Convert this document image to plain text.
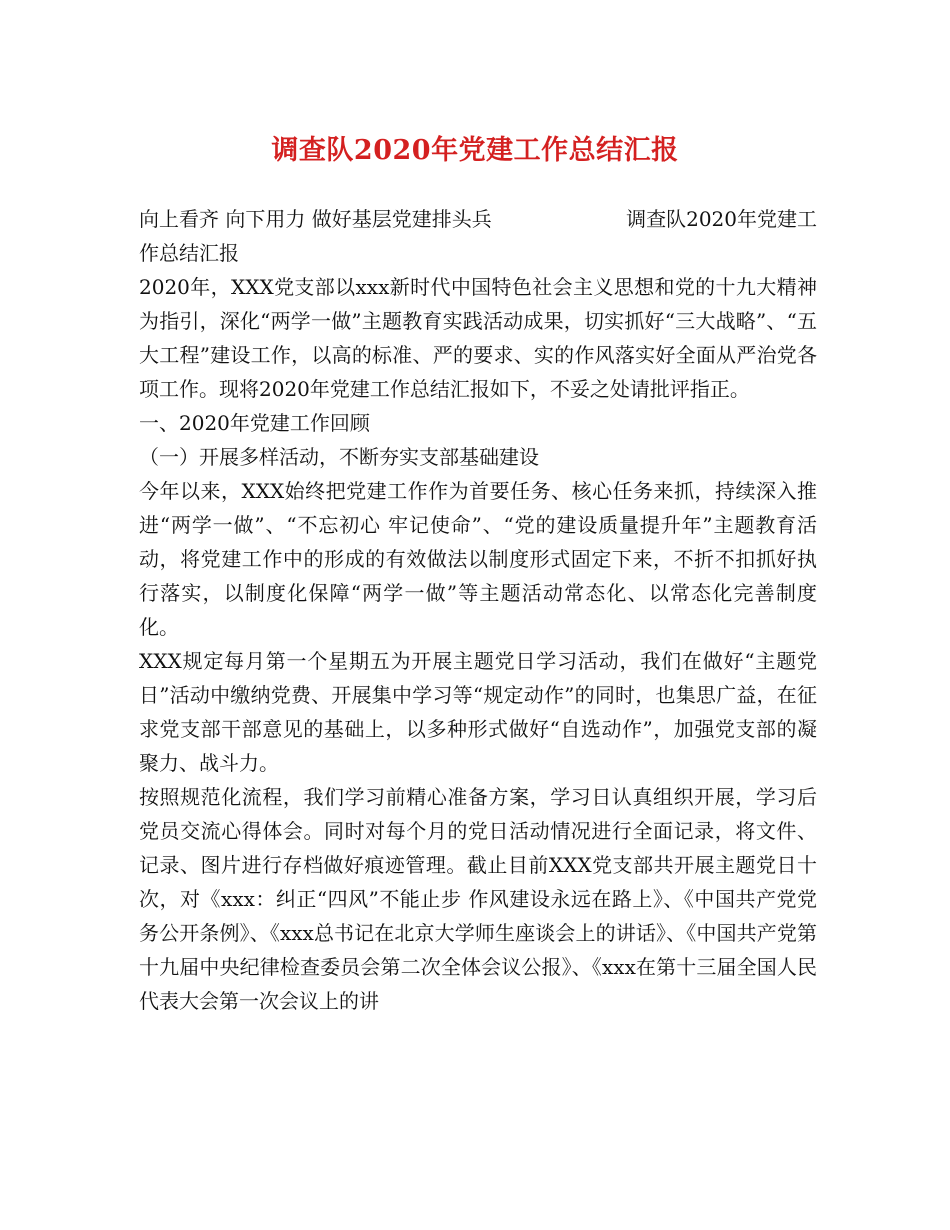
调查队2020年党建工作总结汇报
向上看齐 向下用力 做好基层党建排头兵	调查队2020年党建工

作总结汇报

2020年，XXX党支部以xxx新时代中国特色社会主义思想和党的十九大精神为指引，深化“两学一做”主题教育实践活动成果，切实抓好“三大战略”、“五大工程”建设工作，以高的标准、严的要求、实的作风落实好全面从严治党各项工作。现将2020年党建工作总结汇报如下，不妥之处请批评指正。

一、2020年党建工作回顾

（一）开展多样活动，不断夯实支部基础建设

今年以来，XXX始终把党建工作作为首要任务、核心任务来抓，持续深入推进“两学一做”、“不忘初心 牢记使命”、“党的建设质量提升年”主题教育活动，将党建工作中的形成的有效做法以制度形式固定下来，不折不扣抓好执行落实，以制度化保障“两学一做”等主题活动常态化、以常态化完善制度化。

XXX规定每月第一个星期五为开展主题党日学习活动，我们在做好“主题党日”活动中缴纳党费、开展集中学习等“规定动作”的同时，也集思广益，在征求党支部干部意见的基础上，以多种形式做好“自选动作”，加强党支部的凝聚力、战斗力。

按照规范化流程，我们学习前精心准备方案，学习日认真组织开展，学习后党员交流心得体会。同时对每个月的党日活动情况进行全面记录，将文件、记录、图片进行存档做好痕迹管理。截止目前XXX党支部共开展主题党日十次，对《xxx：纠正“四风”不能止步 作风建设永远在路上》、《中国共产党党务公开条例》、《xxx总书记在北京大学师生座谈会上的讲话》、《中国共产党第十九届中央纪律检查委员会第二次全体会议公报》、《xxx在第十三届全国人民代表大会第一次会议上的讲
